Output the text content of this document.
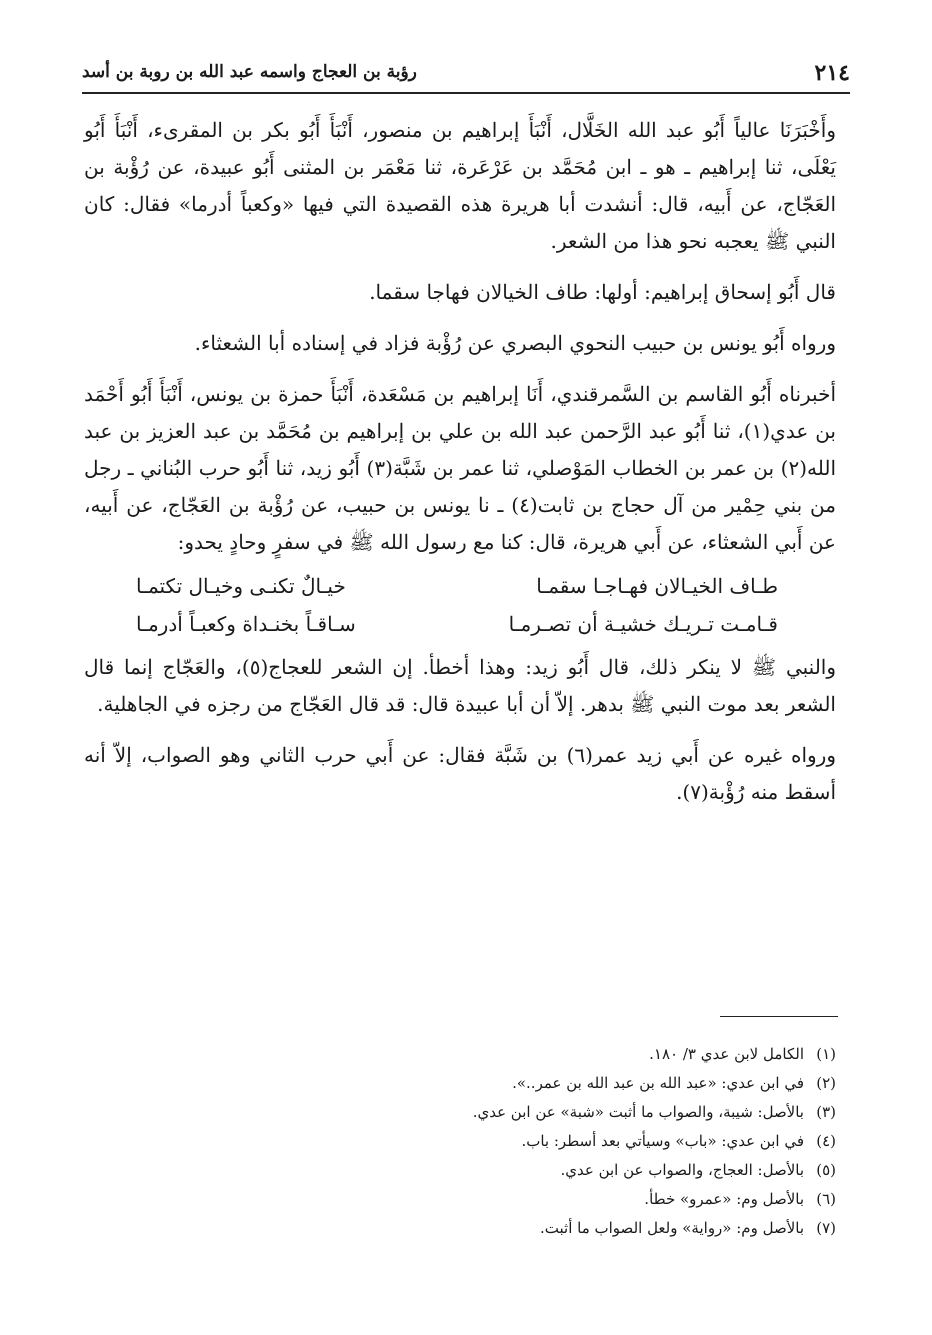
٢١٤
رؤبة بن العجاج واسمه عبد الله بن روبة بن أسد

وأَخْبَرَنَا عالياً أَبُو عبد الله الخَلَّال، أَنْبَأَ إبراهيم بن منصور، أَنْبَأَ أَبُو بكر بن المقرىء، أَنْبَأَ أَبُو يَعْلَى، ثنا إبراهيم ـ هو ـ ابن مُحَمَّد بن عَرْعَرة، ثنا مَعْمَر بن المثنى أَبُو عبيدة، عن رُؤْبة بن العَجّاج، عن أَبيه، قال: أنشدت أبا هريرة هذه القصيدة التي فيها «وكعباً أدرما» فقال: كان النبي ﷺ يعجبه نحو هذا من الشعر.

قال أَبُو إسحاق إبراهيم: أولها: طاف الخيالان فهاجا سقما.

ورواه أَبُو يونس بن حبيب النحوي البصري عن رُؤْبة فزاد في إسناده أبا الشعثاء.

أخبرناه أَبُو القاسم بن السَّمرقندي، أَنَا إبراهيم بن مَسْعَدة، أَنْبَأَ حمزة بن يونس، أَنْبَأَ أَبُو أَحْمَد بن عدي(١)، ثنا أَبُو عبد الرَّحمن عبد الله بن علي بن إبراهيم بن مُحَمَّد بن عبد العزيز بن عبد الله(٢) بن عمر بن الخطاب المَوْصلي، ثنا عمر بن شَبَّة(٣) أَبُو زيد، ثنا أَبُو حرب البُناني ـ رجل من بني حِمْير من آل حجاج بن ثابت(٤) ـ نا يونس بن حبيب، عن رُؤْبة بن العَجّاج، عن أَبيه، عن أَبي الشعثاء، عن أَبي هريرة، قال: كنا مع رسول الله ﷺ في سفرٍ وحادٍ يحدو:

طـاف الخيـالان فهـاجـا سقمـا
خيـالٌ تكنـى وخيـال تكتمـا
قـامـت تـريـك خشيـة أن تصـرمـا
سـاقـاً بخنـداة وكعبـاً أدرمـا

والنبي ﷺ لا ينكر ذلك، قال أَبُو زيد: وهذا أخطأ. إن الشعر للعجاج(٥)، والعَجّاج إنما قال الشعر بعد موت النبي ﷺ بدهر. إلاّ أن أبا عبيدة قال: قد قال العَجّاج من رجزه في الجاهلية.

ورواه غيره عن أَبي زيد عمر(٦) بن شَبَّة فقال: عن أَبي حرب الثاني وهو الصواب، إلاّ أنه أسقط منه رُؤْبة(٧).

(١)الكامل لابن عدي ٣/ ١٨٠.
(٢)في ابن عدي: «عبد الله بن عبد الله بن عمر..».
(٣)بالأصل: شيبة، والصواب ما أثبت «شبة» عن ابن عدي.
(٤)في ابن عدي: «باب» وسيأتي بعد أسطر: باب.
(٥)بالأصل: العجاج، والصواب عن ابن عدي.
(٦)بالأصل وم: «عمرو» خطأ.
(٧)بالأصل وم: «رواية» ولعل الصواب ما أثبت.
